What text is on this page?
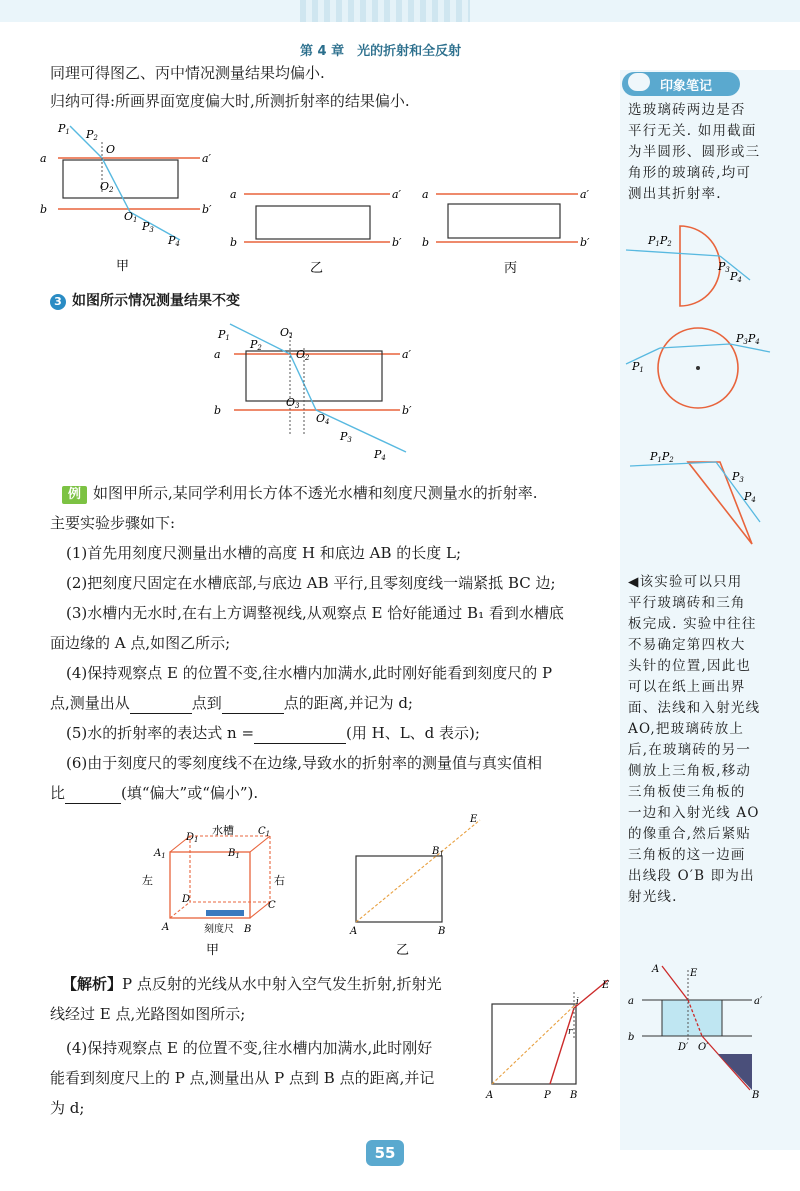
第 4 章　光的折射和全反射
同理可得图乙、丙中情况测量结果均偏小.
归纳可得:所画界面宽度偏大时,所测折射率的结果偏小.
P1 P2
O
a	a′
b	b′
O2
O1 P3
P4
甲
a	a′
b	b′
乙
a	a′
b	b′
丙
3 如图所示情况测量结果不变
a	a′
b	b′
P1 P2
O1
O2
O3
O4
P3
P4
例 如图甲所示,某同学利用长方体不透光水槽和刻度尺测量水的折射率.
主要实验步骤如下:
(1)首先用刻度尺测量出水槽的高度 H 和底边 AB 的长度 L;
(2)把刻度尺固定在水槽底部,与底边 AB 平行,且零刻度线一端紧抵 BC 边;
(3)水槽内无水时,在右上方调整视线,从观察点 E 恰好能通过 B₁ 看到水槽底
面边缘的 A 点,如图乙所示;
(4)保持观察点 E 的位置不变,往水槽内加满水,此时刚好能看到刻度尺的 P
点,测量出从	点到	点的距离,并记为 d;
(5)水的折射率的表达式 n =	(用 H、L、d 表示);
(6)由于刻度尺的零刻度线不在边缘,导致水的折射率的测量值与真实值相
比	(填“偏大”或“偏小”).
水槽
左	右
刻度尺
$A_1$
$D_1$
$B_1$
$C_1$
D
C
A	B
甲
E
$B_1$
A	B
乙
【解析】P 点反射的光线从水中射入空气发生折射,折射光
线经过 E 点,光路图如图所示;
(4)保持观察点 E 的位置不变,往水槽内加满水,此时刚好
能看到刻度尺上的 P 点,测量出从 P 点到 B 点的距离,并记
为 d;
E
i
r
A	P B
印象笔记
选玻璃砖两边是否
平行无关. 如用截面
为半圆形、圆形或三
角形的玻璃砖,均可
测出其折射率.
P1P2
P3 P4
P1
P3P4
P1P2
P3
P4
◀该实验可以只用
平行玻璃砖和三角
板完成. 实验中往往
不易确定第四枚大
头针的位置,因此也
可以在纸上画出界
面、法线和入射光线
AO,把玻璃砖放上
后,在玻璃砖的另一
侧放上三角板,移动
三角板使三角板的
一边和入射光线 AO
的像重合,然后紧贴
三角板的这一边画
出线段 O′B 即为出
射光线.
A	E
a	a′
b
D′ O′
B
55
